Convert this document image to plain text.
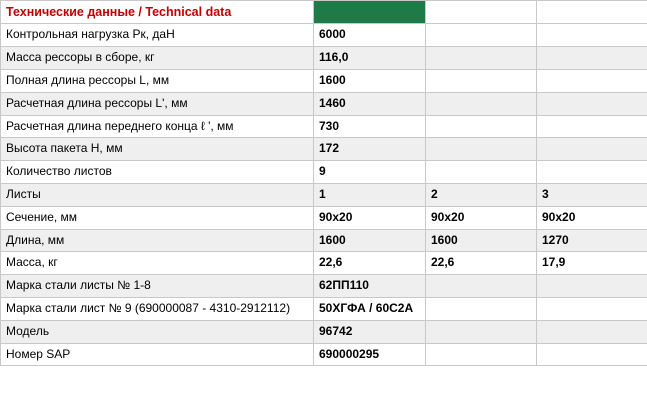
Технические данные / Technical data			
Контрольная нагрузка Рк, даН	6000		
Масса рессоры в сборе, кг	116,0		
Полная длина рессоры L, мм	1600		
Расчетная длина рессоры L', мм	1460		
Расчетная длина переднего конца ℓ ', мм	730		
Высота пакета Н, мм	172		
Количество листов	9		
Листы	1	2	3
Сечение, мм	90х20	90х20	90х20
Длина, мм	1600	1600	1270
Масса, кг	22,6	22,6	17,9
Марка стали листы № 1-8	62ПП110		
Марка стали лист № 9 (690000087 - 4310-2912112)	50ХГФА / 60С2А		
Модель	96742		
Номер SAP	690000295		
